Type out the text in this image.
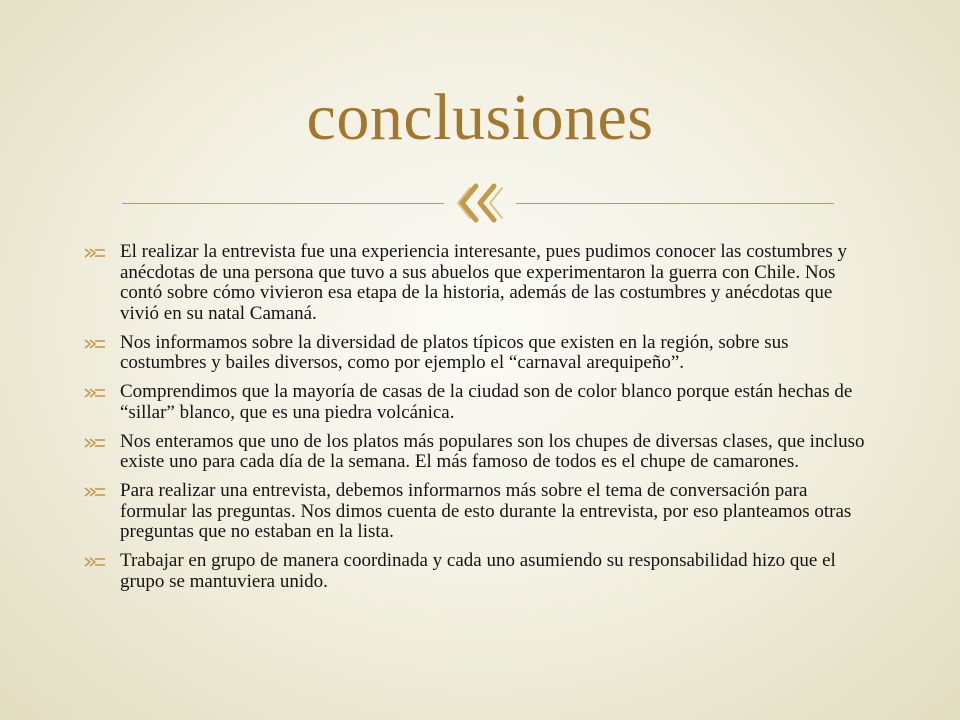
conclusiones
El realizar la entrevista fue una experiencia interesante, pues pudimos conocer las costumbres y anécdotas de una persona que tuvo a sus abuelos que experimentaron la guerra con Chile. Nos contó sobre cómo vivieron esa etapa de la historia, además de las costumbres y anécdotas que vivió en su natal Camaná.
Nos informamos sobre la diversidad de platos típicos que existen en la región, sobre sus costumbres y bailes diversos, como por ejemplo el “carnaval arequipeño”.
Comprendimos que la mayoría de casas de la ciudad son de color blanco porque están hechas de “sillar” blanco, que es una piedra volcánica.
Nos enteramos que uno de los platos más populares son los chupes de diversas clases, que incluso existe uno para cada día de la semana. El más famoso de todos es el chupe de camarones.
Para realizar una entrevista, debemos informarnos más sobre el tema de conversación para formular las preguntas. Nos dimos cuenta de esto durante la entrevista, por eso planteamos otras preguntas que no estaban en la lista.
Trabajar en grupo de manera coordinada y cada uno asumiendo su responsabilidad hizo que el grupo se mantuviera unido.
